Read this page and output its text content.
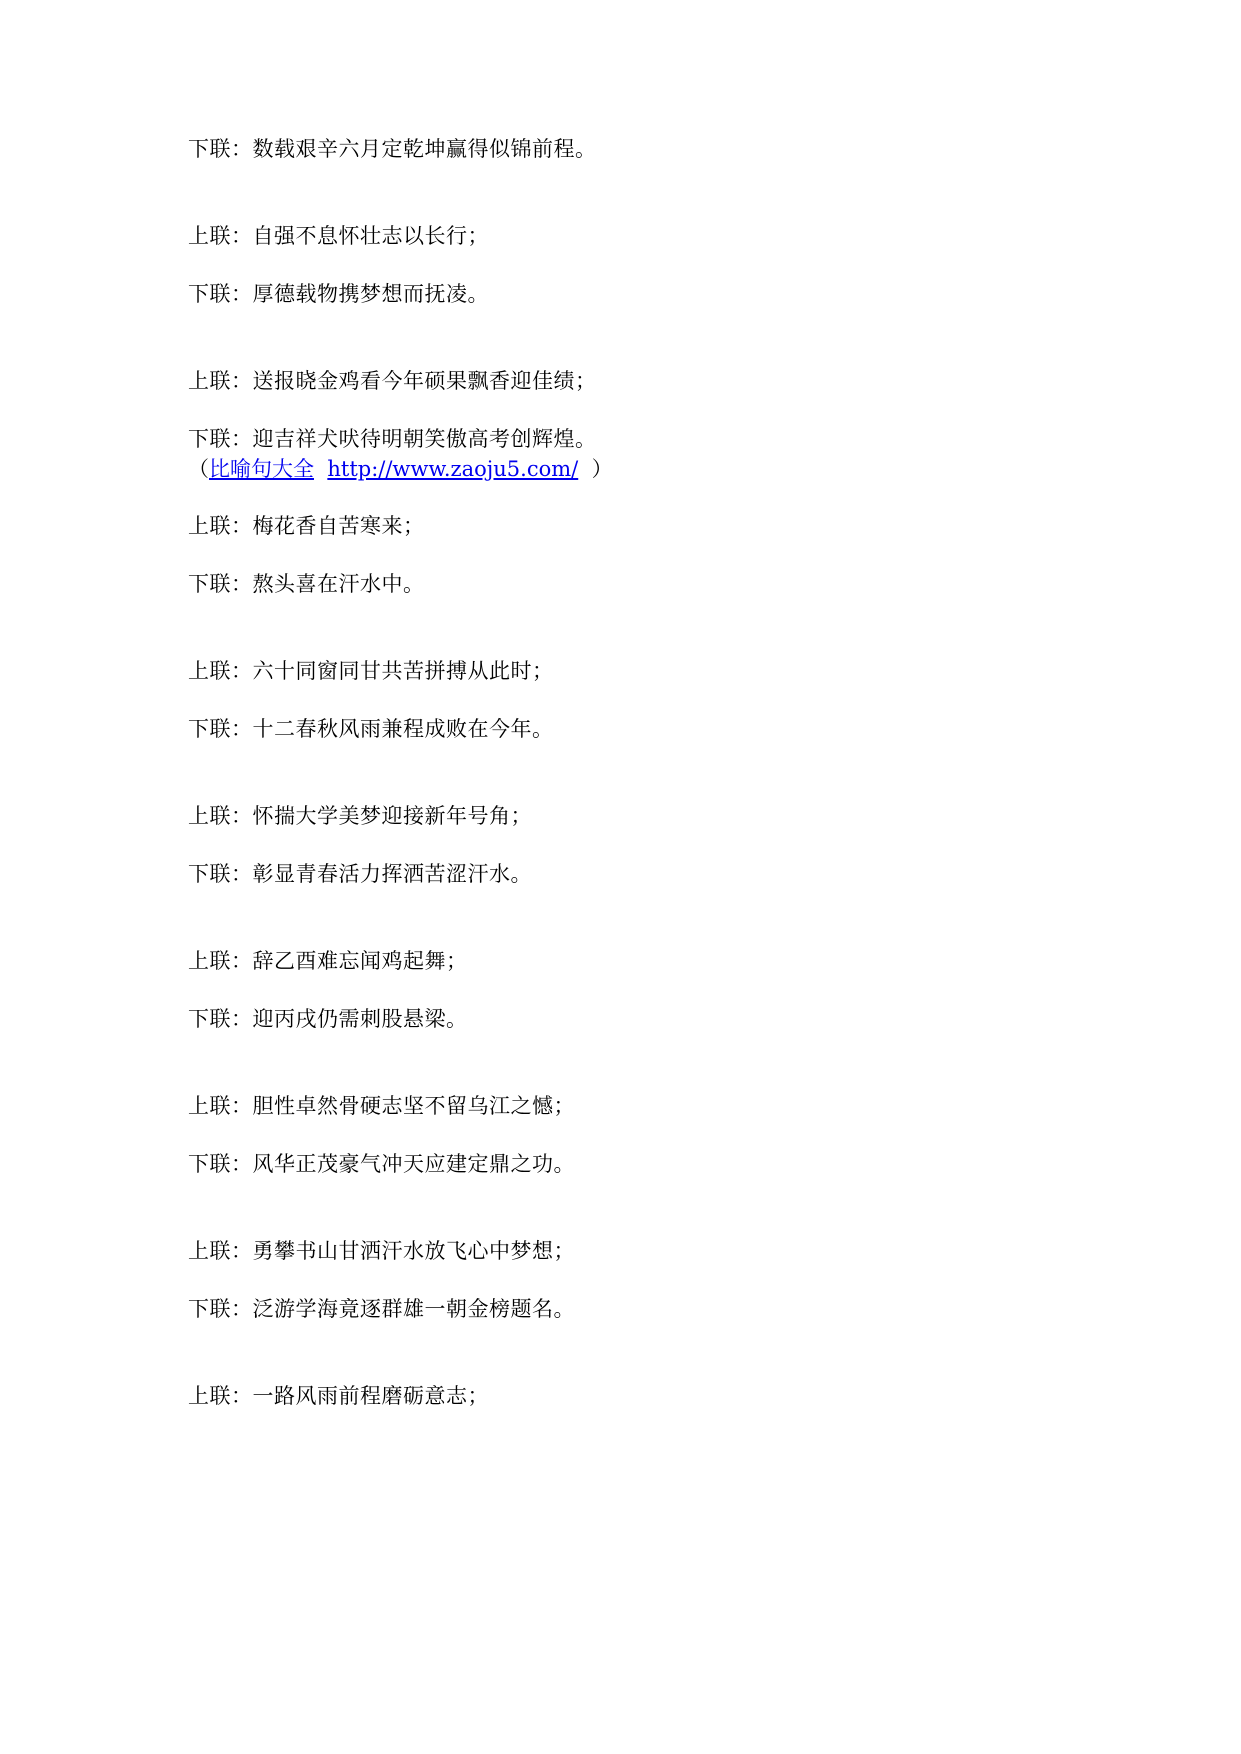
下联：数载艰辛六月定乾坤赢得似锦前程。
上联：自强不息怀壮志以长行；
下联：厚德载物携梦想而抚凌。
上联：送报晓金鸡看今年硕果飘香迎佳绩；
下联：迎吉祥犬吠待明朝笑傲高考创辉煌。
（比喻句大全 http://www.zaoju5.com/ ）
上联：梅花香自苦寒来；
下联：熬头喜在汗水中。
上联：六十同窗同甘共苦拼搏从此时；
下联：十二春秋风雨兼程成败在今年。
上联：怀揣大学美梦迎接新年号角；
下联：彰显青春活力挥洒苦涩汗水。
上联：辞乙酉难忘闻鸡起舞；
下联：迎丙戌仍需刺股悬梁。
上联：胆性卓然骨硬志坚不留乌江之憾；
下联：风华正茂豪气冲天应建定鼎之功。
上联：勇攀书山甘洒汗水放飞心中梦想；
下联：泛游学海竟逐群雄一朝金榜题名。
上联：一路风雨前程磨砺意志；
